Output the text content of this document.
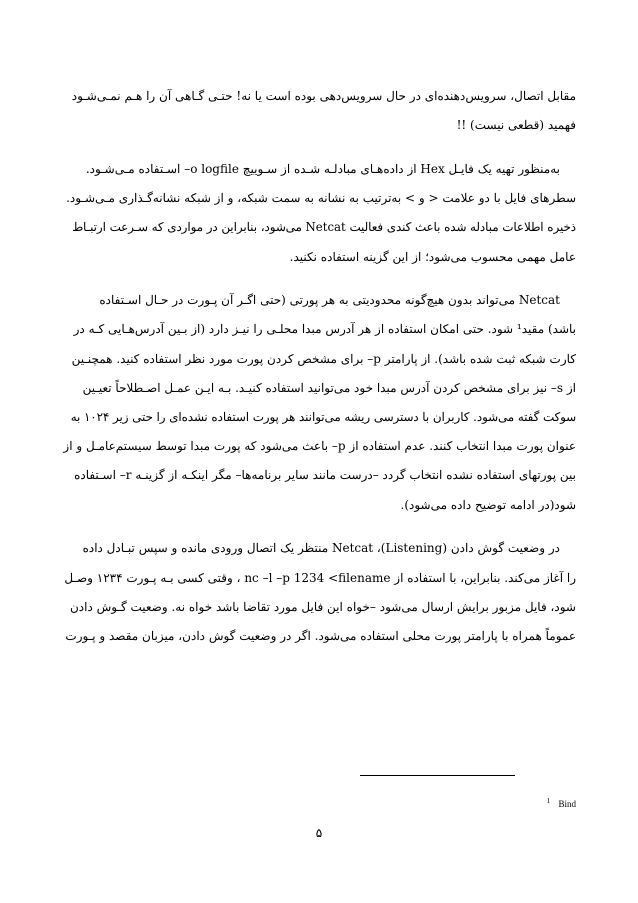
مقابل اتصال، سرویس‌دهنده‌ای در حال سرویس‌دهی بوده است یا نه! حتـی گـاهی آن را هـم نمـی‌شـود

فهمید (قطعی نیست) !!

به‌منظور تهیه یک فایـل Hex از داده‌هـای مبادلـه شـده از سـوییچ o logfile– اسـتفاده مـی‌شـود.

سطرهای فایل با دو علامت < و > به‌ترتیب به نشانه به سمت شبکه، و از شبکه نشانه‌گـذاری مـی‌شـود.

ذخیره اطلاعات مبادله شده باعث کندی فعالیت Netcat می‌شود، بنابراین در مواردی که سـرعت ارتبـاط

عامل مهمی محسوب می‌شود؛ از این گزینه استفاده نکنید.

Netcat می‌تواند بدون هیچ‌گونه محدودیتی به هر پورتی (حتی اگـر آن پـورت در حـال اسـتفاده

باشد) مقید¹ شود. حتی امکان استفاده از هر آدرس مبدا محلـی را نیـز دارد (از بـین آدرس‌هـایی کـه در

کارت شبکه ثبت شده باشد). از پارامتر p– برای مشخص کردن پورت مورد نظر استفاده کنید. همچنـین

از s– نیز برای مشخص کردن آدرس مبدا خود می‌توانید استفاده کنیـد. بـه ایـن عمـل اصـطلاحاً تعیـین

سوکت گفته می‌شود. کاربران با دسترسی ریشه می‌توانند هر پورت استفاده نشده‌ای را حتی زیر ۱۰۲۴ به

عنوان پورت مبدا انتخاب کنند. عدم استفاده از p– باعث می‌شود که پورت مبدا توسط سیستم‌عامـل و از

بین پورتهای استفاده نشده انتخاب گردد –درست مانند سایر برنامه‌ها– مگر اینکـه از گزینـه r– اسـتفاده

شود(در ادامه توضیح داده می‌شود).

در وضعیت گوش دادن (Listening)، Netcat منتظر یک اتصال ورودی مانده و سپس تبـادل داده

را آغاز می‌کند. بنابراین، با استفاده از nc –l –p 1234 <filename ، وقتی کسی بـه پـورت ۱۲۳۴ وصـل

شود، فایل مزبور برایش ارسال می‌شود –خواه این فایل مورد تقاضا باشد خواه نه. وضعیت گـوش دادن

عموماً همراه با پارامتر پورت محلی استفاده می‌شود. اگر در وضعیت گوش دادن، میزبان مقصد و پـورت

$^1$ Bind
۵
